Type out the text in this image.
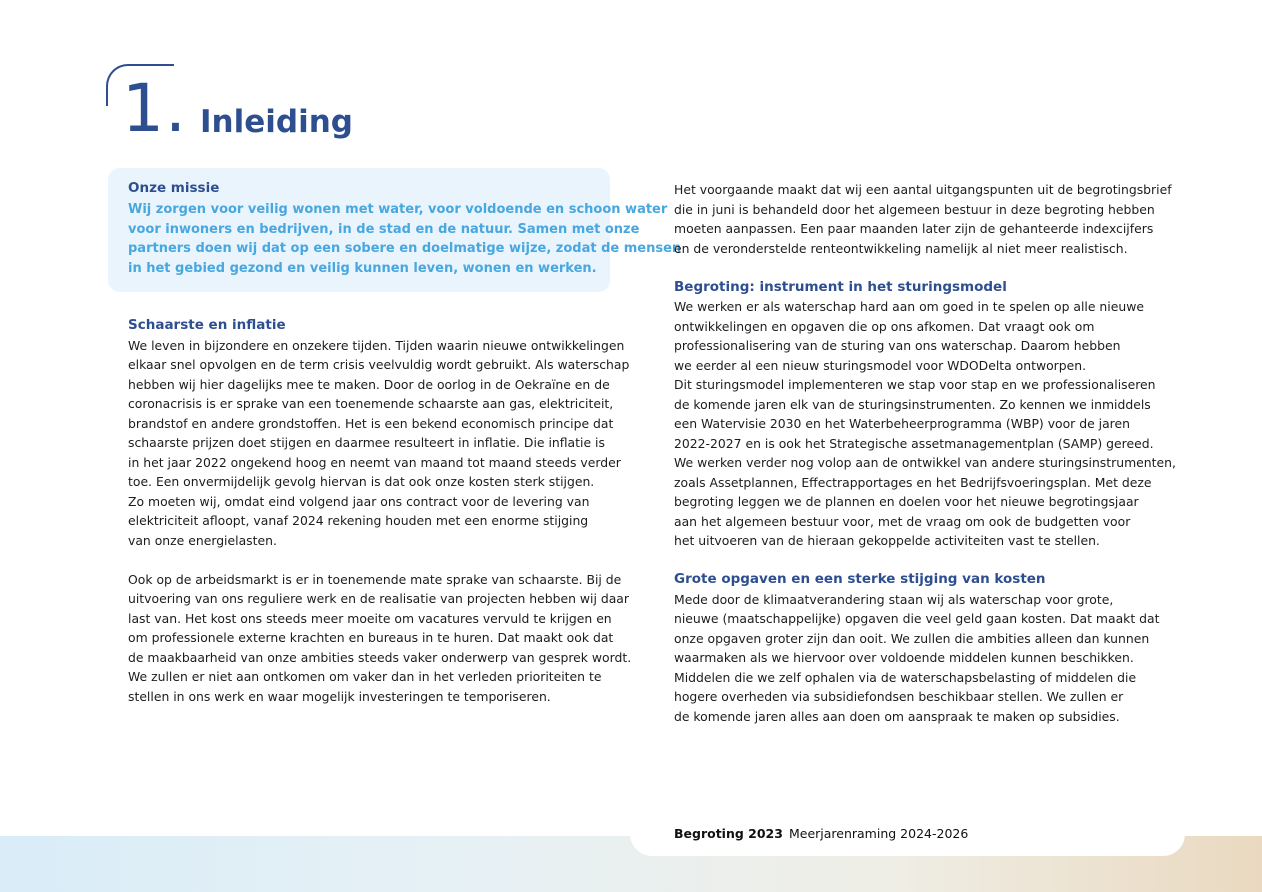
Begroting 2023 Meerjarenraming 2024-2026
1. Inleiding
Onze missie
Wij zorgen voor veilig wonen met water, voor voldoende en schoon water
voor inwoners en bedrijven, in de stad en de natuur. Samen met onze
partners doen wij dat op een sobere en doelmatige wijze, zodat de mensen
in het gebied gezond en veilig kunnen leven, wonen en werken.
Schaarste en inflatie
We leven in bijzondere en onzekere tijden. Tijden waarin nieuwe ontwikkelingen
elkaar snel opvolgen en de term crisis veelvuldig wordt gebruikt. Als waterschap
hebben wij hier dagelijks mee te maken. Door de oorlog in de Oekraïne en de
coronacrisis is er sprake van een toenemende schaarste aan gas, elektriciteit,
brandstof en andere grondstoffen. Het is een bekend economisch principe dat
schaarste prijzen doet stijgen en daarmee resulteert in inflatie. Die inflatie is
in het jaar 2022 ongekend hoog en neemt van maand tot maand steeds verder
toe. Een onvermijdelijk gevolg hiervan is dat ook onze kosten sterk stijgen.
Zo moeten wij, omdat eind volgend jaar ons contract voor de levering van
elektriciteit afloopt, vanaf 2024 rekening houden met een enorme stijging
van onze energielasten.
Ook op de arbeidsmarkt is er in toenemende mate sprake van schaarste. Bij de
uitvoering van ons reguliere werk en de realisatie van projecten hebben wij daar
last van. Het kost ons steeds meer moeite om vacatures vervuld te krijgen en
om professionele externe krachten en bureaus in te huren. Dat maakt ook dat
de maakbaarheid van onze ambities steeds vaker onderwerp van gesprek wordt.
We zullen er niet aan ontkomen om vaker dan in het verleden prioriteiten te
stellen in ons werk en waar mogelijk investeringen te temporiseren.
Het voorgaande maakt dat wij een aantal uitgangspunten uit de begrotingsbrief
die in juni is behandeld door het algemeen bestuur in deze begroting hebben
moeten aanpassen. Een paar maanden later zijn de gehanteerde indexcijfers
en de veronderstelde renteontwikkeling namelijk al niet meer realistisch.
Begroting: instrument in het sturingsmodel
We werken er als waterschap hard aan om goed in te spelen op alle nieuwe
ontwikkelingen en opgaven die op ons afkomen. Dat vraagt ook om
professionalisering van de sturing van ons waterschap. Daarom hebben
we eerder al een nieuw sturingsmodel voor WDODelta ontworpen.
Dit sturingsmodel implementeren we stap voor stap en we professionaliseren
de komende jaren elk van de sturingsinstrumenten. Zo kennen we inmiddels
een Watervisie 2030 en het Waterbeheerprogramma (WBP) voor de jaren
2022-2027 en is ook het Strategische assetmanagementplan (SAMP) gereed.
We werken verder nog volop aan de ontwikkel van andere sturingsinstrumenten,
zoals Assetplannen, Effectrapportages en het Bedrijfsvoeringsplan. Met deze
begroting leggen we de plannen en doelen voor het nieuwe begrotingsjaar
aan het algemeen bestuur voor, met de vraag om ook de budgetten voor
het uitvoeren van de hieraan gekoppelde activiteiten vast te stellen.
Grote opgaven en een sterke stijging van kosten
Mede door de klimaatverandering staan wij als waterschap voor grote,
nieuwe (maatschappelijke) opgaven die veel geld gaan kosten. Dat maakt dat
onze opgaven groter zijn dan ooit. We zullen die ambities alleen dan kunnen
waarmaken als we hiervoor over voldoende middelen kunnen beschikken.
Middelen die we zelf ophalen via de waterschapsbelasting of middelen die
hogere overheden via subsidiefondsen beschikbaar stellen. We zullen er
de komende jaren alles aan doen om aanspraak te maken op subsidies.
